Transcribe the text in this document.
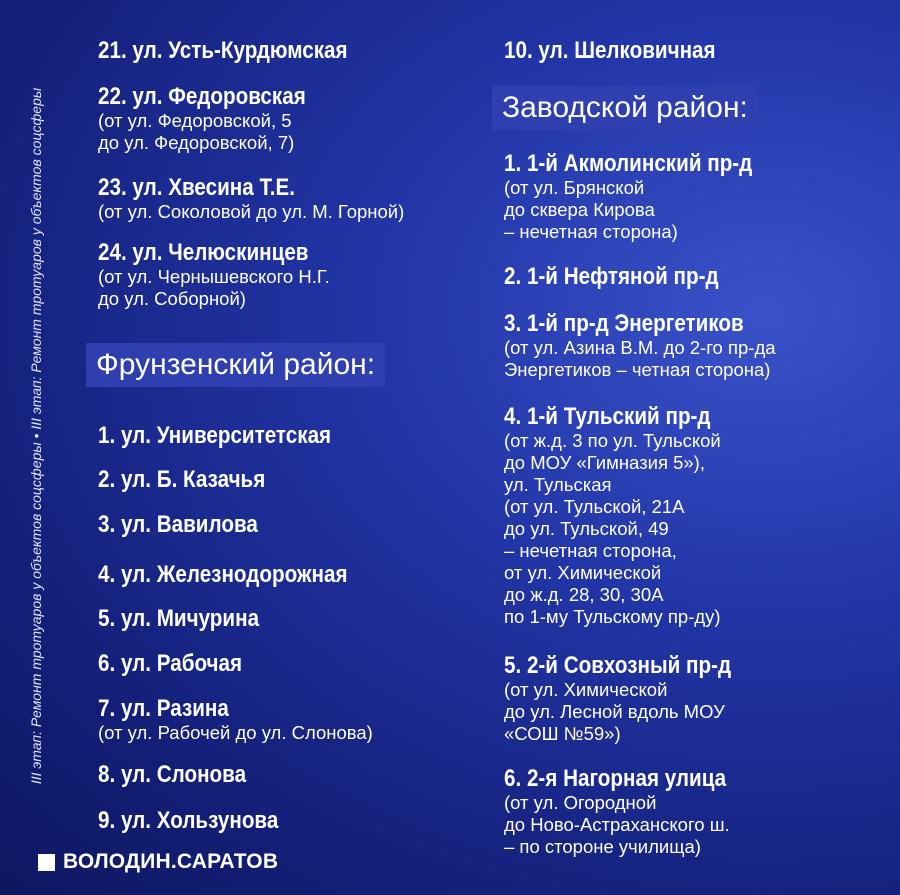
III этап: Ремонт тротуаров у объектов соцсферы • III этап: Ремонт тротуаров у объектов соцсферы
21. ул. Усть-Курдюмская
22. ул. Федоровская
(от ул. Федоровской, 5
до ул. Федоровской, 7)
23. ул. Хвесина Т.Е.
(от ул. Соколовой до ул. М. Горной)
24. ул. Челюскинцев
(от ул. Чернышевского Н.Г.
до ул. Соборной)
1. ул. Университетская
2. ул. Б. Казачья
3. ул. Вавилова
4. ул. Железнодорожная
5. ул. Мичурина
6. ул. Рабочая
7. ул. Разина
(от ул. Рабочей до ул. Слонова)
8. ул. Слонова
9. ул. Хользунова
10. ул. Шелковичная
1. 1-й Акмолинский пр-д
(от ул. Брянской
до сквера Кирова
– нечетная сторона)
2. 1-й Нефтяной пр-д
3. 1-й пр-д Энергетиков
(от ул. Азина В.М. до 2-го пр-да
Энергетиков – четная сторона)
4. 1-й Тульский пр-д
(от ж.д. 3 по ул. Тульской
до МОУ «Гимназия 5»),
ул. Тульская
(от ул. Тульской, 21А
до ул. Тульской, 49
– нечетная сторона,
от ул. Химической
до ж.д. 28, 30, 30А
по 1-му Тульскому пр-ду)
5. 2-й Совхозный пр-д
(от ул. Химической
до ул. Лесной вдоль МОУ
«СОШ №59»)
6. 2-я Нагорная улица
(от ул. Огородной
до Ново-Астраханского ш.
– по стороне училища)
Фрунзенский район:
Заводской район:
ВОЛОДИН.САРАТОВ
